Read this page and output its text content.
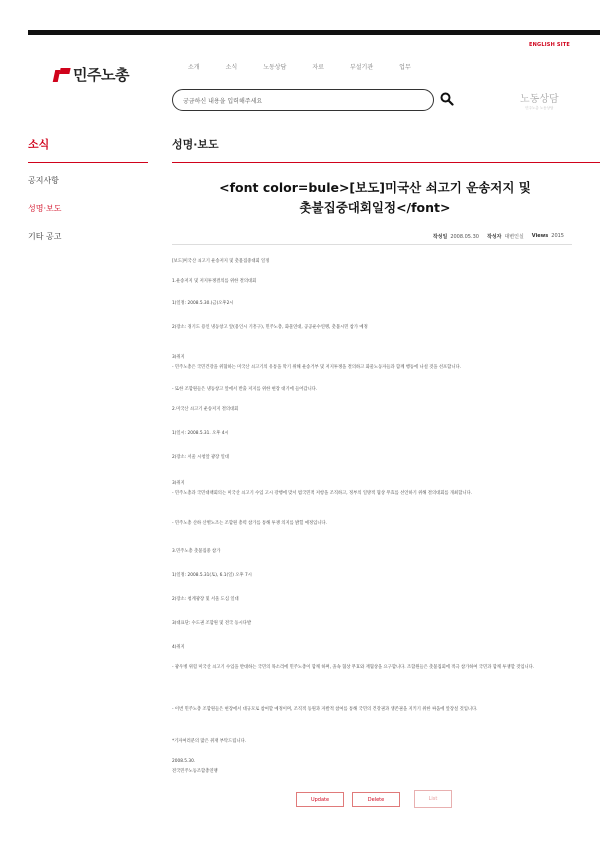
ENGLISH SITE
민주노총	소개	소식	노동상담	자료	부설기관	업무
궁금하신 내용을 입력해주세요	노동상담
민주노총 노동상담
소식
공지사항
성명·보도
기타 공고
성명·보도
<font color=bule>[보도]미국산 쇠고기 운송저지 및
촛불집중대회일정</font>
작성일 2008.05.30 작성자 대변인실 Views 2015

[보도]미국산 쇠고기 운송저지 및 촛불집중대회 일정

1.운송저지 및 저지투쟁결의를 위한 결의대회

1)일정: 2008.5.30.(금)오후2시

2)장소: 경기도 용인 냉동창고 앞(용인시 기흥구), 민주노총, 화물연대, 공공운수연맹, 촛불시민 참가 예정

3)취지

- 민주노총은 국민건강을 위협하는 미국산 쇠고기의 유통을 막기 위해 운송거부 및 저지투쟁을 결의하고 화물노동자들과 함께 행동에 나설 것을 선포합니다.

- 또한 조합원들은 냉동창고 앞에서 반출 저지를 위한 현장 대기에 들어갑니다.

2.미국산 쇠고기 운송저지 결의대회

1)일시: 2008.5.31. 오후 4시

2)장소: 서울 시청앞 광장 일대

3)취지

- 민주노총과 국민대책회의는 미국산 쇠고기 수입 고시 강행에 맞서 범국민적 저항을 조직하고, 정부의 일방적 협상 무효를 선언하기 위해 결의대회를 개최합니다.

- 민주노총 산하 산별노조는 조합원 총력 참가를 통해 투쟁 의지를 밝힐 예정입니다.

3.민주노총 촛불집중 참가

1)일정: 2008.5.31(토), 6.1(일) 오후 7시

2)장소: 청계광장 및 서울 도심 일대

3)대표단: 수도권 조합원 및 전국 동시다발

4)취지

- 광우병 위험 미국산 쇠고기 수입을 반대하는 국민의 목소리에 민주노총이 함께 하며, 졸속 협상 무효와 재협상을 요구합니다. 조합원들은 촛불집회에 적극 참가하여 국민과 함께 투쟁할 것입니다.

- 이번 민주노총 조합원들은 현장에서 대규모로 참여할 예정이며, 조직적 동원과 자발적 참여를 통해 국민의 건강권과 생존권을 지키기 위한 싸움에 앞장설 것입니다.

*기자여러분의 많은 취재 부탁드립니다.

2008.5.30.

전국민주노동조합총연맹

Update	Delete	List
